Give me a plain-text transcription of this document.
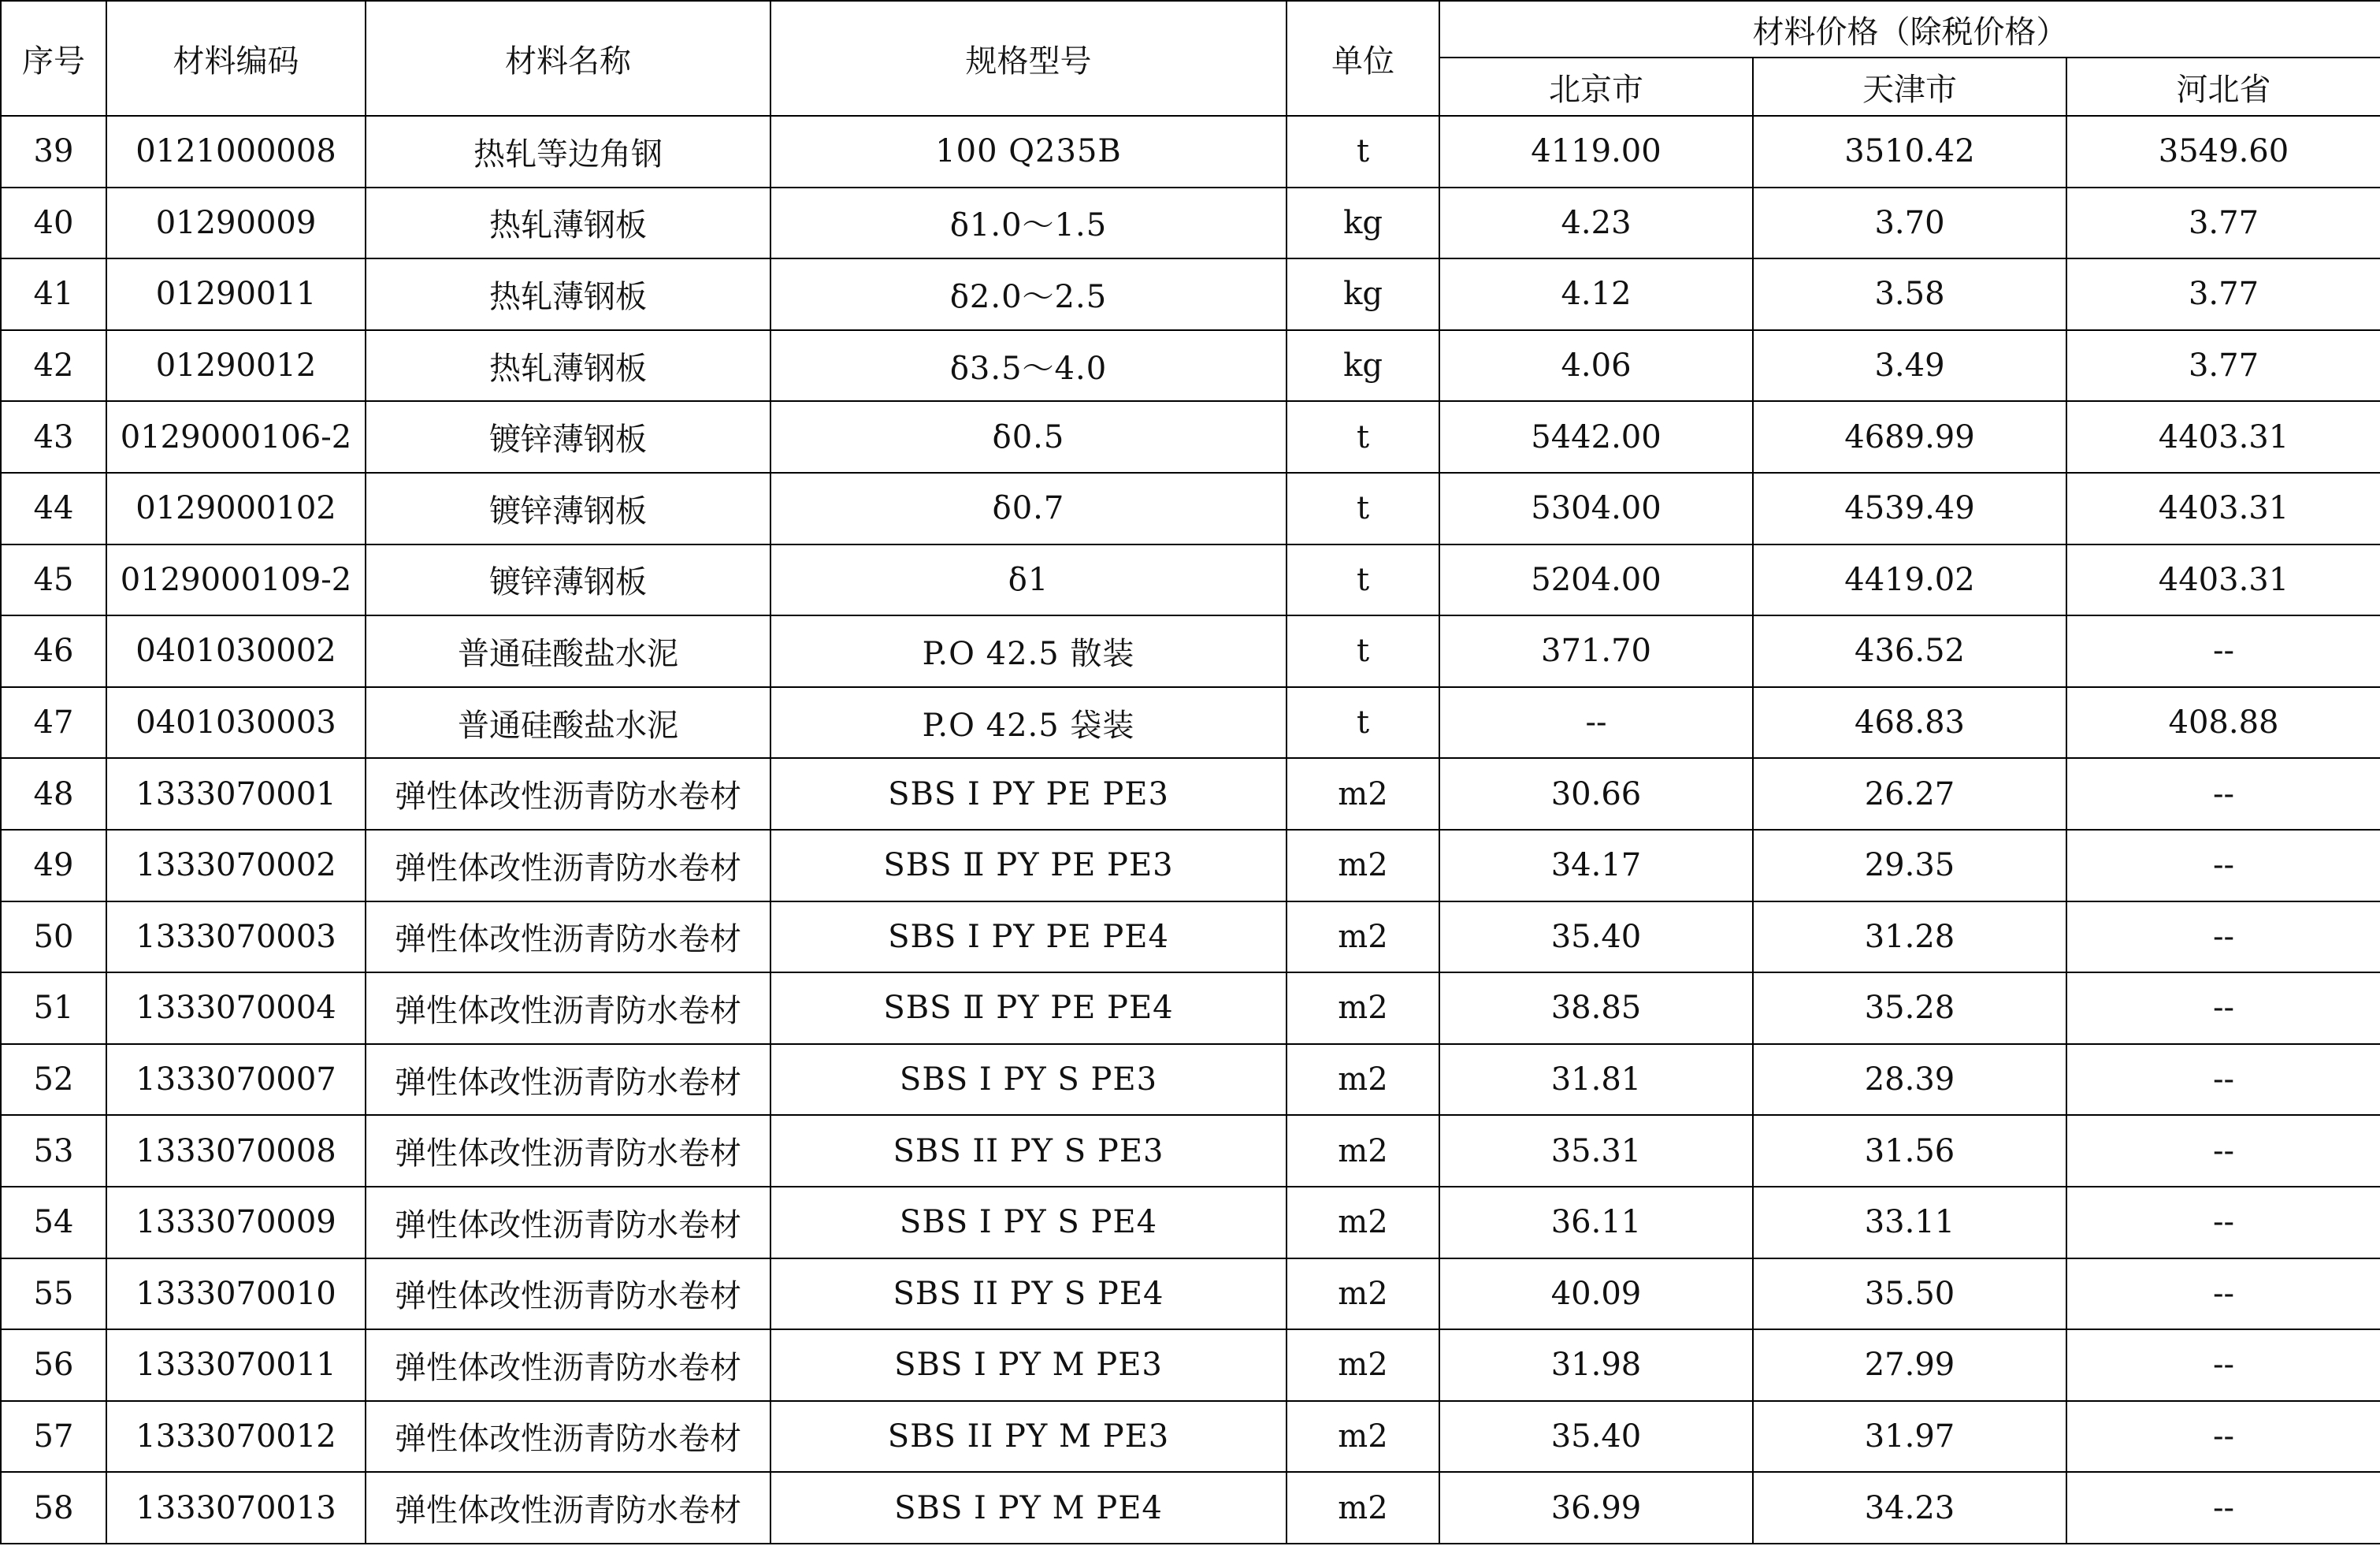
序号	材料编码	材料名称	规格型号	单位	材料价格（除税价格）		
					北京市	天津市	河北省
39	0121000008	热轧等边角钢	100 Q235B	t	4119.00	3510.42	3549.60
40	01290009	热轧薄钢板	δ1.0～1.5	kg	4.23	3.70	3.77
41	01290011	热轧薄钢板	δ2.0～2.5	kg	4.12	3.58	3.77
42	01290012	热轧薄钢板	δ3.5～4.0	kg	4.06	3.49	3.77
43	0129000106-2	镀锌薄钢板	δ0.5	t	5442.00	4689.99	4403.31
44	0129000102	镀锌薄钢板	δ0.7	t	5304.00	4539.49	4403.31
45	0129000109-2	镀锌薄钢板	δ1	t	5204.00	4419.02	4403.31
46	0401030002	普通硅酸盐水泥	P.O 42.5 散装	t	371.70	436.52	--
47	0401030003	普通硅酸盐水泥	P.O 42.5 袋装	t	--	468.83	408.88
48	1333070001	弹性体改性沥青防水卷材	SBS Ⅰ PY PE PE3	m2	30.66	26.27	--
49	1333070002	弹性体改性沥青防水卷材	SBS Ⅱ PY PE PE3	m2	34.17	29.35	--
50	1333070003	弹性体改性沥青防水卷材	SBS Ⅰ PY PE PE4	m2	35.40	31.28	--
51	1333070004	弹性体改性沥青防水卷材	SBS Ⅱ PY PE PE4	m2	38.85	35.28	--
52	1333070007	弹性体改性沥青防水卷材	SBS I PY S PE3	m2	31.81	28.39	--
53	1333070008	弹性体改性沥青防水卷材	SBS II PY S PE3	m2	35.31	31.56	--
54	1333070009	弹性体改性沥青防水卷材	SBS I PY S PE4	m2	36.11	33.11	--
55	1333070010	弹性体改性沥青防水卷材	SBS II PY S PE4	m2	40.09	35.50	--
56	1333070011	弹性体改性沥青防水卷材	SBS I PY M PE3	m2	31.98	27.99	--
57	1333070012	弹性体改性沥青防水卷材	SBS II PY M PE3	m2	35.40	31.97	--
58	1333070013	弹性体改性沥青防水卷材	SBS I PY M PE4	m2	36.99	34.23	--
